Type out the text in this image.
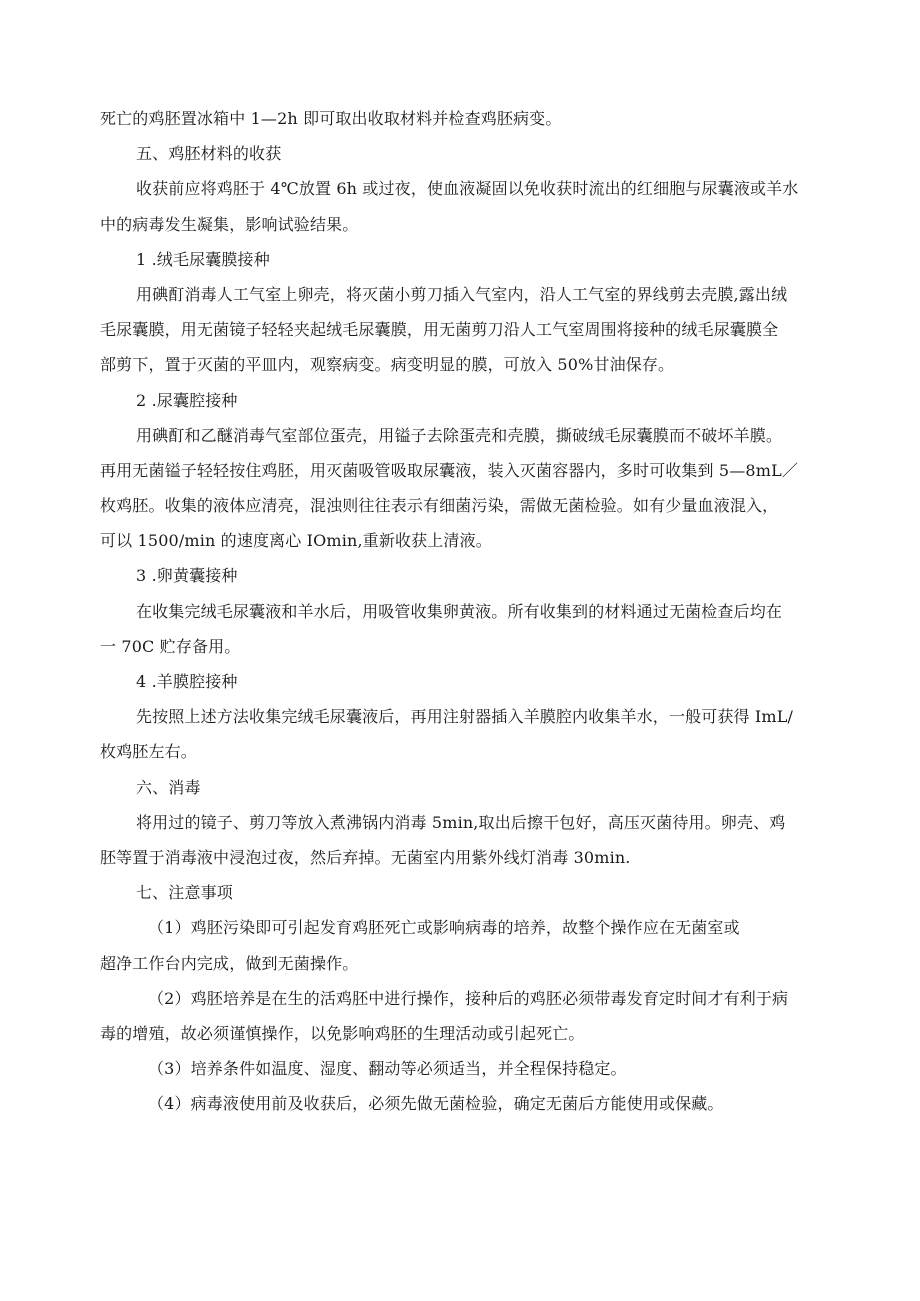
死亡的鸡胚置冰箱中 1—2h 即可取出收取材料并检查鸡胚病变。

五、鸡胚材料的收获

收获前应将鸡胚于 4℃放置 6h 或过夜，使血液凝固以免收获时流出的红细胞与尿囊液或羊水

中的病毒发生凝集，影响试验结果。

1 .绒毛尿囊膜接种

用碘酊消毒人工气室上卵壳，将灭菌小剪刀插入气室内，沿人工气室的界线剪去壳膜,露出绒

毛尿囊膜，用无菌镜子轻轻夹起绒毛尿囊膜，用无菌剪刀沿人工气室周围将接种的绒毛尿囊膜全

部剪下，置于灭菌的平皿内，观察病变。病变明显的膜，可放入 50%甘油保存。

2 .尿囊腔接种

用碘酊和乙醚消毒气室部位蛋壳，用镒子去除蛋壳和壳膜，撕破绒毛尿囊膜而不破坏羊膜。

再用无菌镒子轻轻按住鸡胚，用灭菌吸管吸取尿囊液，装入灭菌容器内，多时可收集到 5—8mL／

枚鸡胚。收集的液体应清亮，混浊则往往表示有细菌污染，需做无菌检验。如有少量血液混入，

可以 1500/min 的速度离心 IOmin,重新收获上清液。

3 .卵黄囊接种

在收集完绒毛尿囊液和羊水后，用吸管收集卵黄液。所有收集到的材料通过无菌检查后均在

一 70C 贮存备用。

4 .羊膜腔接种

先按照上述方法收集完绒毛尿囊液后，再用注射器插入羊膜腔内收集羊水，一般可获得 ImL/

枚鸡胚左右。

六、消毒

将用过的镜子、剪刀等放入煮沸锅内消毒 5min,取出后擦干包好，高压灭菌待用。卵壳、鸡

胚等置于消毒液中浸泡过夜，然后弃掉。无菌室内用紫外线灯消毒 30min.

七、注意事项

（1）鸡胚污染即可引起发育鸡胚死亡或影响病毒的培养，故整个操作应在无菌室或

超净工作台内完成，做到无菌操作。

（2）鸡胚培养是在生的活鸡胚中进行操作，接种后的鸡胚必须带毒发育定时间才有利于病

毒的增殖，故必须谨慎操作，以免影响鸡胚的生理活动或引起死亡。

（3）培养条件如温度、湿度、翻动等必须适当，并全程保持稳定。

（4）病毒液使用前及收获后，必须先做无菌检验，确定无菌后方能使用或保藏。
